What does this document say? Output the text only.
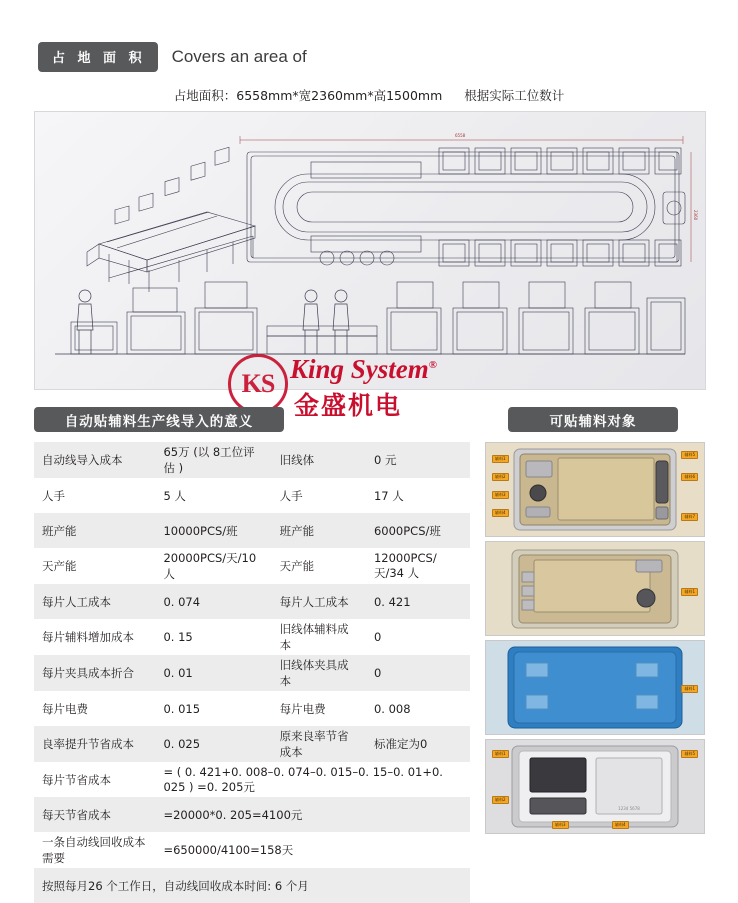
占 地 面 积	Covers an area of
占地面积：6558mm*宽2360mm*高1500mm 根据实际工位数计
6558
2360
KS King System®
金盛机电
自动贴辅料生产线导入的意义	可贴辅料对象
自动线导入成本	65万 (以 8工位评估 )	旧线体	0 元
人手	5 人	人手	17 人
班产能	10000PCS/班	班产能	6000PCS/班
天产能	20000PCS/天/10 人	天产能	12000PCS/天/34 人
每片人工成本	0. 074	每片人工成本	0. 421
每片辅料增加成本	0. 15	旧线体辅料成本	0
每片夹具成本折合	0. 01	旧线体夹具成本	0
每片电费	0. 015	每片电费	0. 008
良率提升节省成本	0. 025	原来良率节省成本	标准定为0
每片节省成本	= ( 0. 421+0. 008–0. 074–0. 015–0. 15–0. 01+0. 025 ) =0. 205元		
每天节省成本	=20000*0. 205=4100元		
一条自动线回收成本需要	=650000/4100=158天		
按照每月26 个工作日，自动线回收成本时间: 6 个月			
辅料1
辅料2
辅料3
辅料4
辅料5
辅料6
辅料7
辅料1
辅料1
1234 5678
辅料1
辅料2
辅料3	辅料4
辅料5
